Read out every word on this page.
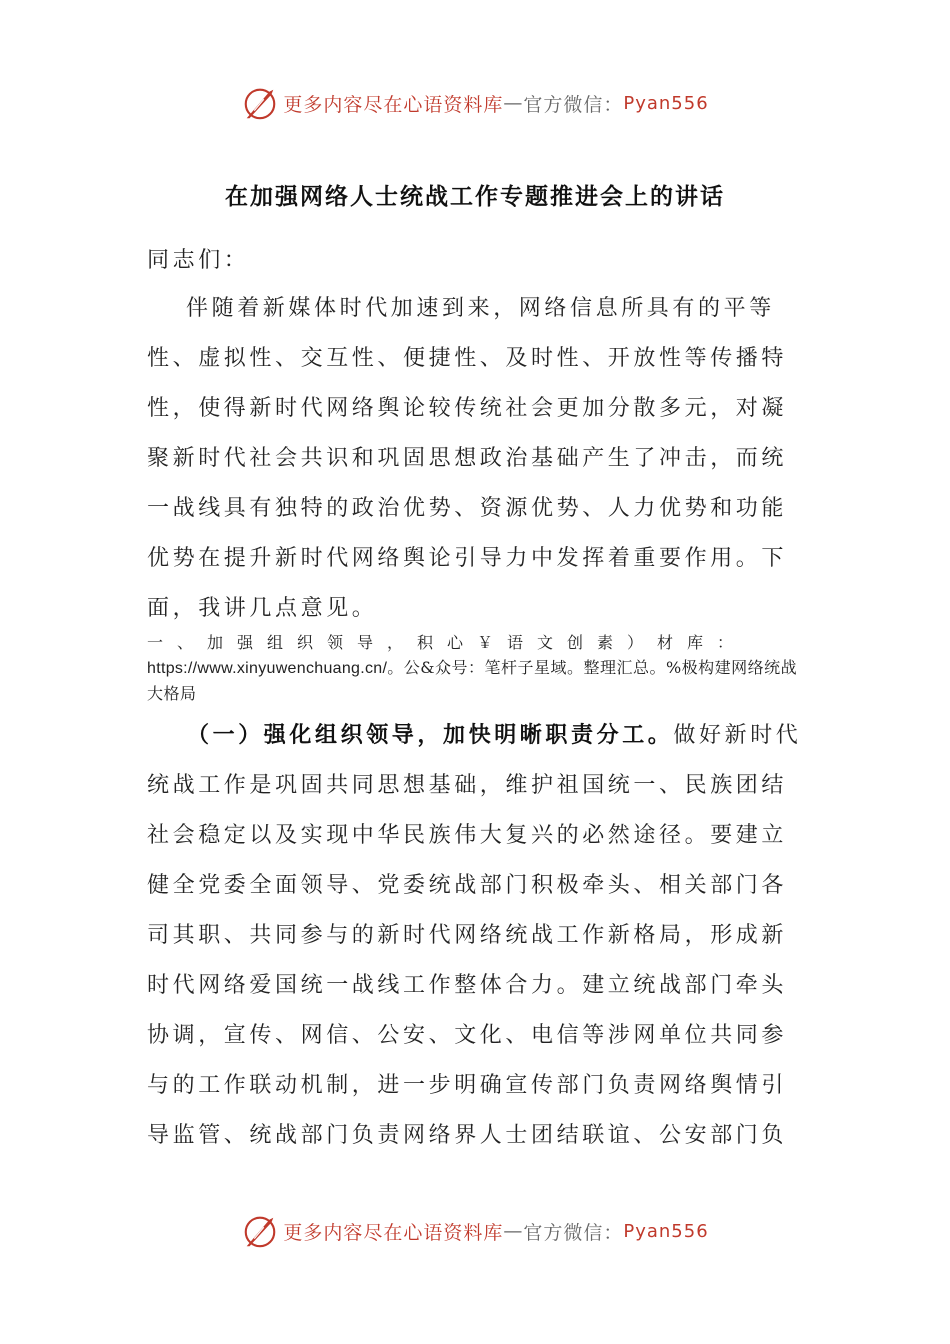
更多内容尽在心语资料库 — 官方微信： Pyan556
在加强网络人士统战工作专题推进会上的讲话
同志们：
伴随着新媒体时代加速到来，网络信息所具有的平等性、虚拟性、交互性、便捷性、及时性、开放性等传播特性，使得新时代网络舆论较传统社会更加分散多元，对凝聚新时代社会共识和巩固思想政治基础产生了冲击，而统一战线具有独特的政治优势、资源优势、人力优势和功能优势在提升新时代网络舆论引导力中发挥着重要作用。下面，我讲几点意见。
一、加强组织领导，积心￥语文创素）材库：https://www.xinyuwenchuang.cn/。公&众号：笔杆子星域。整理汇总。%极构建网络统战大格局
（一）强化组织领导，加快明晰职责分工。做好新时代统战工作是巩固共同思想基础，维护祖国统一、民族团结社会稳定以及实现中华民族伟大复兴的必然途径。要建立健全党委全面领导、党委统战部门积极牵头、相关部门各司其职、共同参与的新时代网络统战工作新格局，形成新时代网络爱国统一战线工作整体合力。建立统战部门牵头协调，宣传、网信、公安、文化、电信等涉网单位共同参与的工作联动机制，进一步明确宣传部门负责网络舆情引导监管、统战部门负责网络界人士团结联谊、公安部门负
更多内容尽在心语资料库 — 官方微信： Pyan556
